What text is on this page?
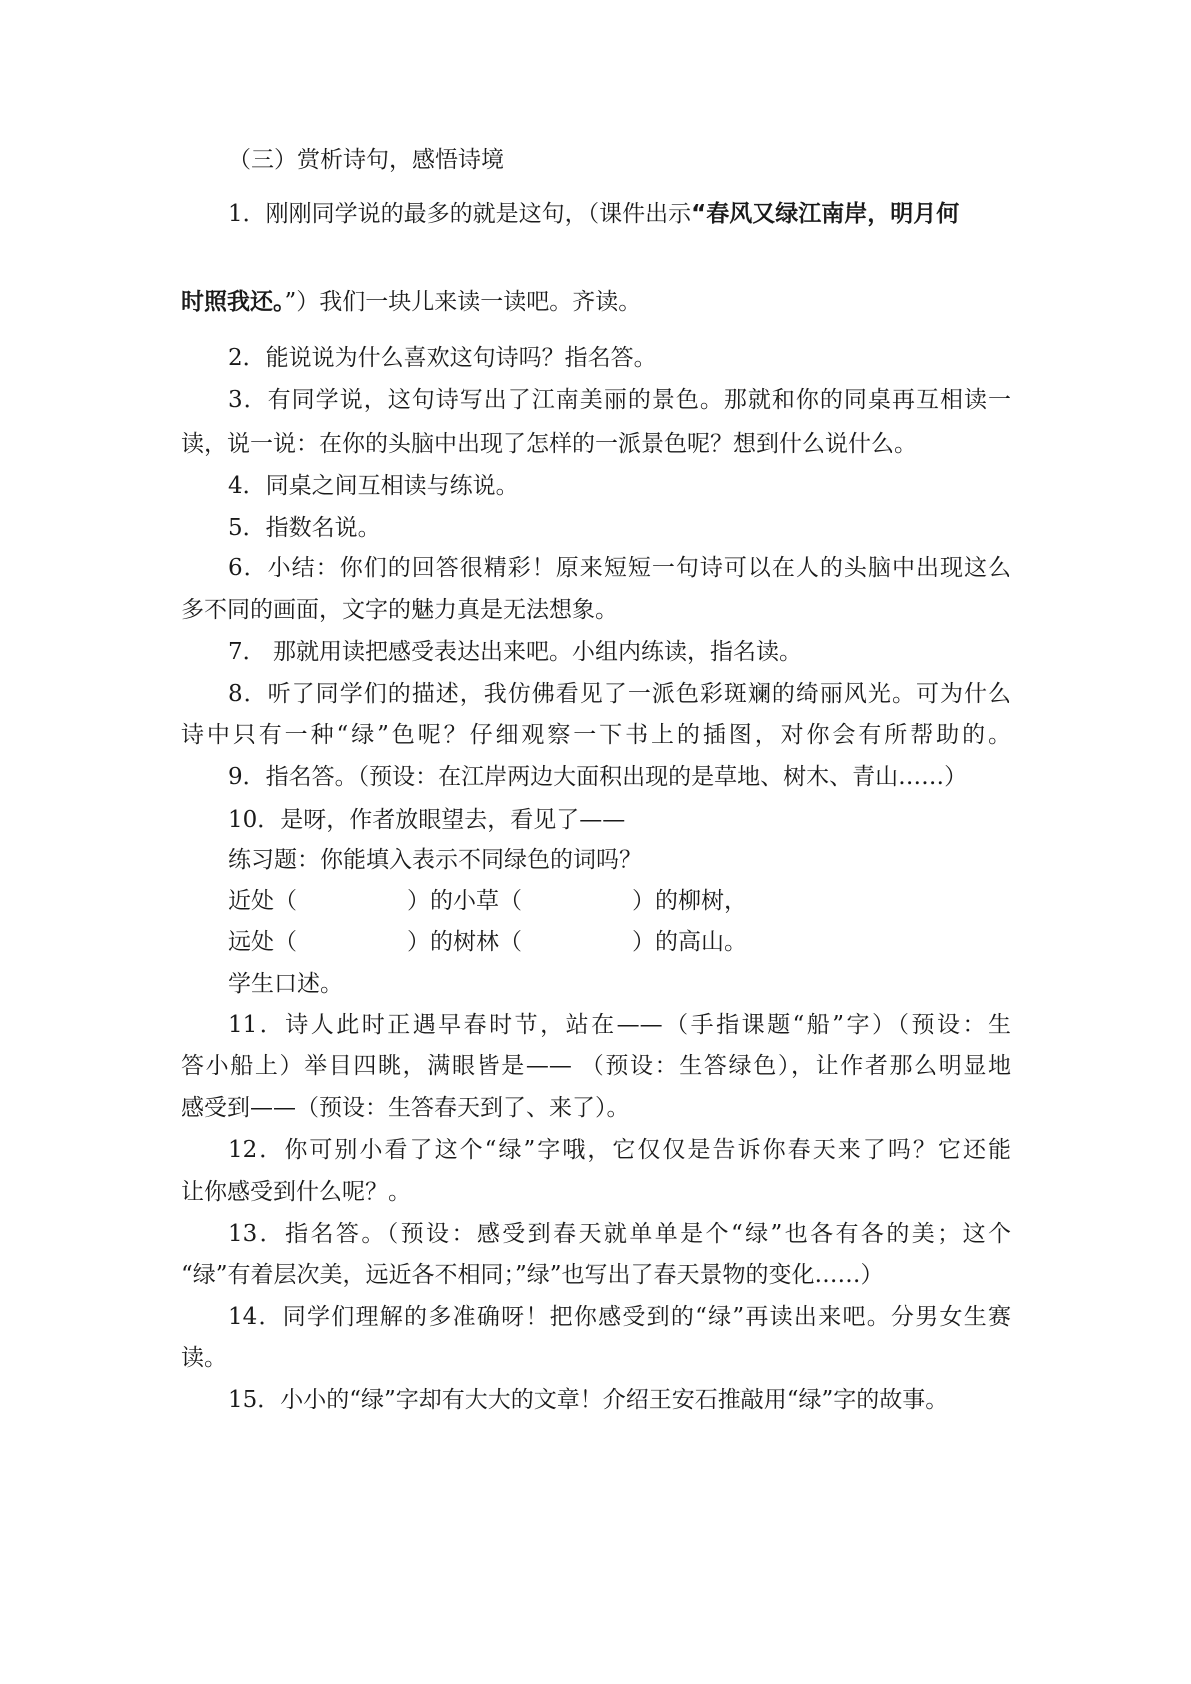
（三）赏析诗句，感悟诗境
1．刚刚同学说的最多的就是这句，（课件出示“春风又绿江南岸，明月何
时照我还。”）我们一块儿来读一读吧。齐读。
2．能说说为什么喜欢这句诗吗？指名答。
3．有同学说，这句诗写出了江南美丽的景色。那就和你的同桌再互相读一
读，说一说：在你的头脑中出现了怎样的一派景色呢？想到什么说什么。
4．同桌之间互相读与练说。
5．指数名说。
6．小结：你们的回答很精彩！原来短短一句诗可以在人的头脑中出现这么
多不同的画面，文字的魅力真是无法想象。
7． 那就用读把感受表达出来吧。小组内练读，指名读。
8．听了同学们的描述，我仿佛看见了一派色彩斑斓的绮丽风光。可为什么
诗中只有一种“绿”色呢？仔细观察一下书上的插图，对你会有所帮助的。
9．指名答。（预设：在江岸两边大面积出现的是草地、树木、青山……）
10．是呀，作者放眼望去，看见了——
练习题：你能填入表示不同绿色的词吗？
近处（	）的小草（	）的柳树，
远处（	）的树林（	）的高山。
学生口述。
11．诗人此时正遇早春时节，站在——（手指课题“船”字）（预设：生
答小船上）举目四眺，满眼皆是—— （预设：生答绿色），让作者那么明显地
感受到——（预设：生答春天到了、来了）。
12．你可别小看了这个“绿”字哦，它仅仅是告诉你春天来了吗？它还能
让你感受到什么呢？。
13．指名答。（预设：感受到春天就单单是个“绿”也各有各的美；这个
“绿”有着层次美，远近各不相同；”绿”也写出了春天景物的变化……）
14．同学们理解的多准确呀！把你感受到的“绿”再读出来吧。分男女生赛
读。
15．小小的“绿”字却有大大的文章！介绍王安石推敲用“绿”字的故事。
